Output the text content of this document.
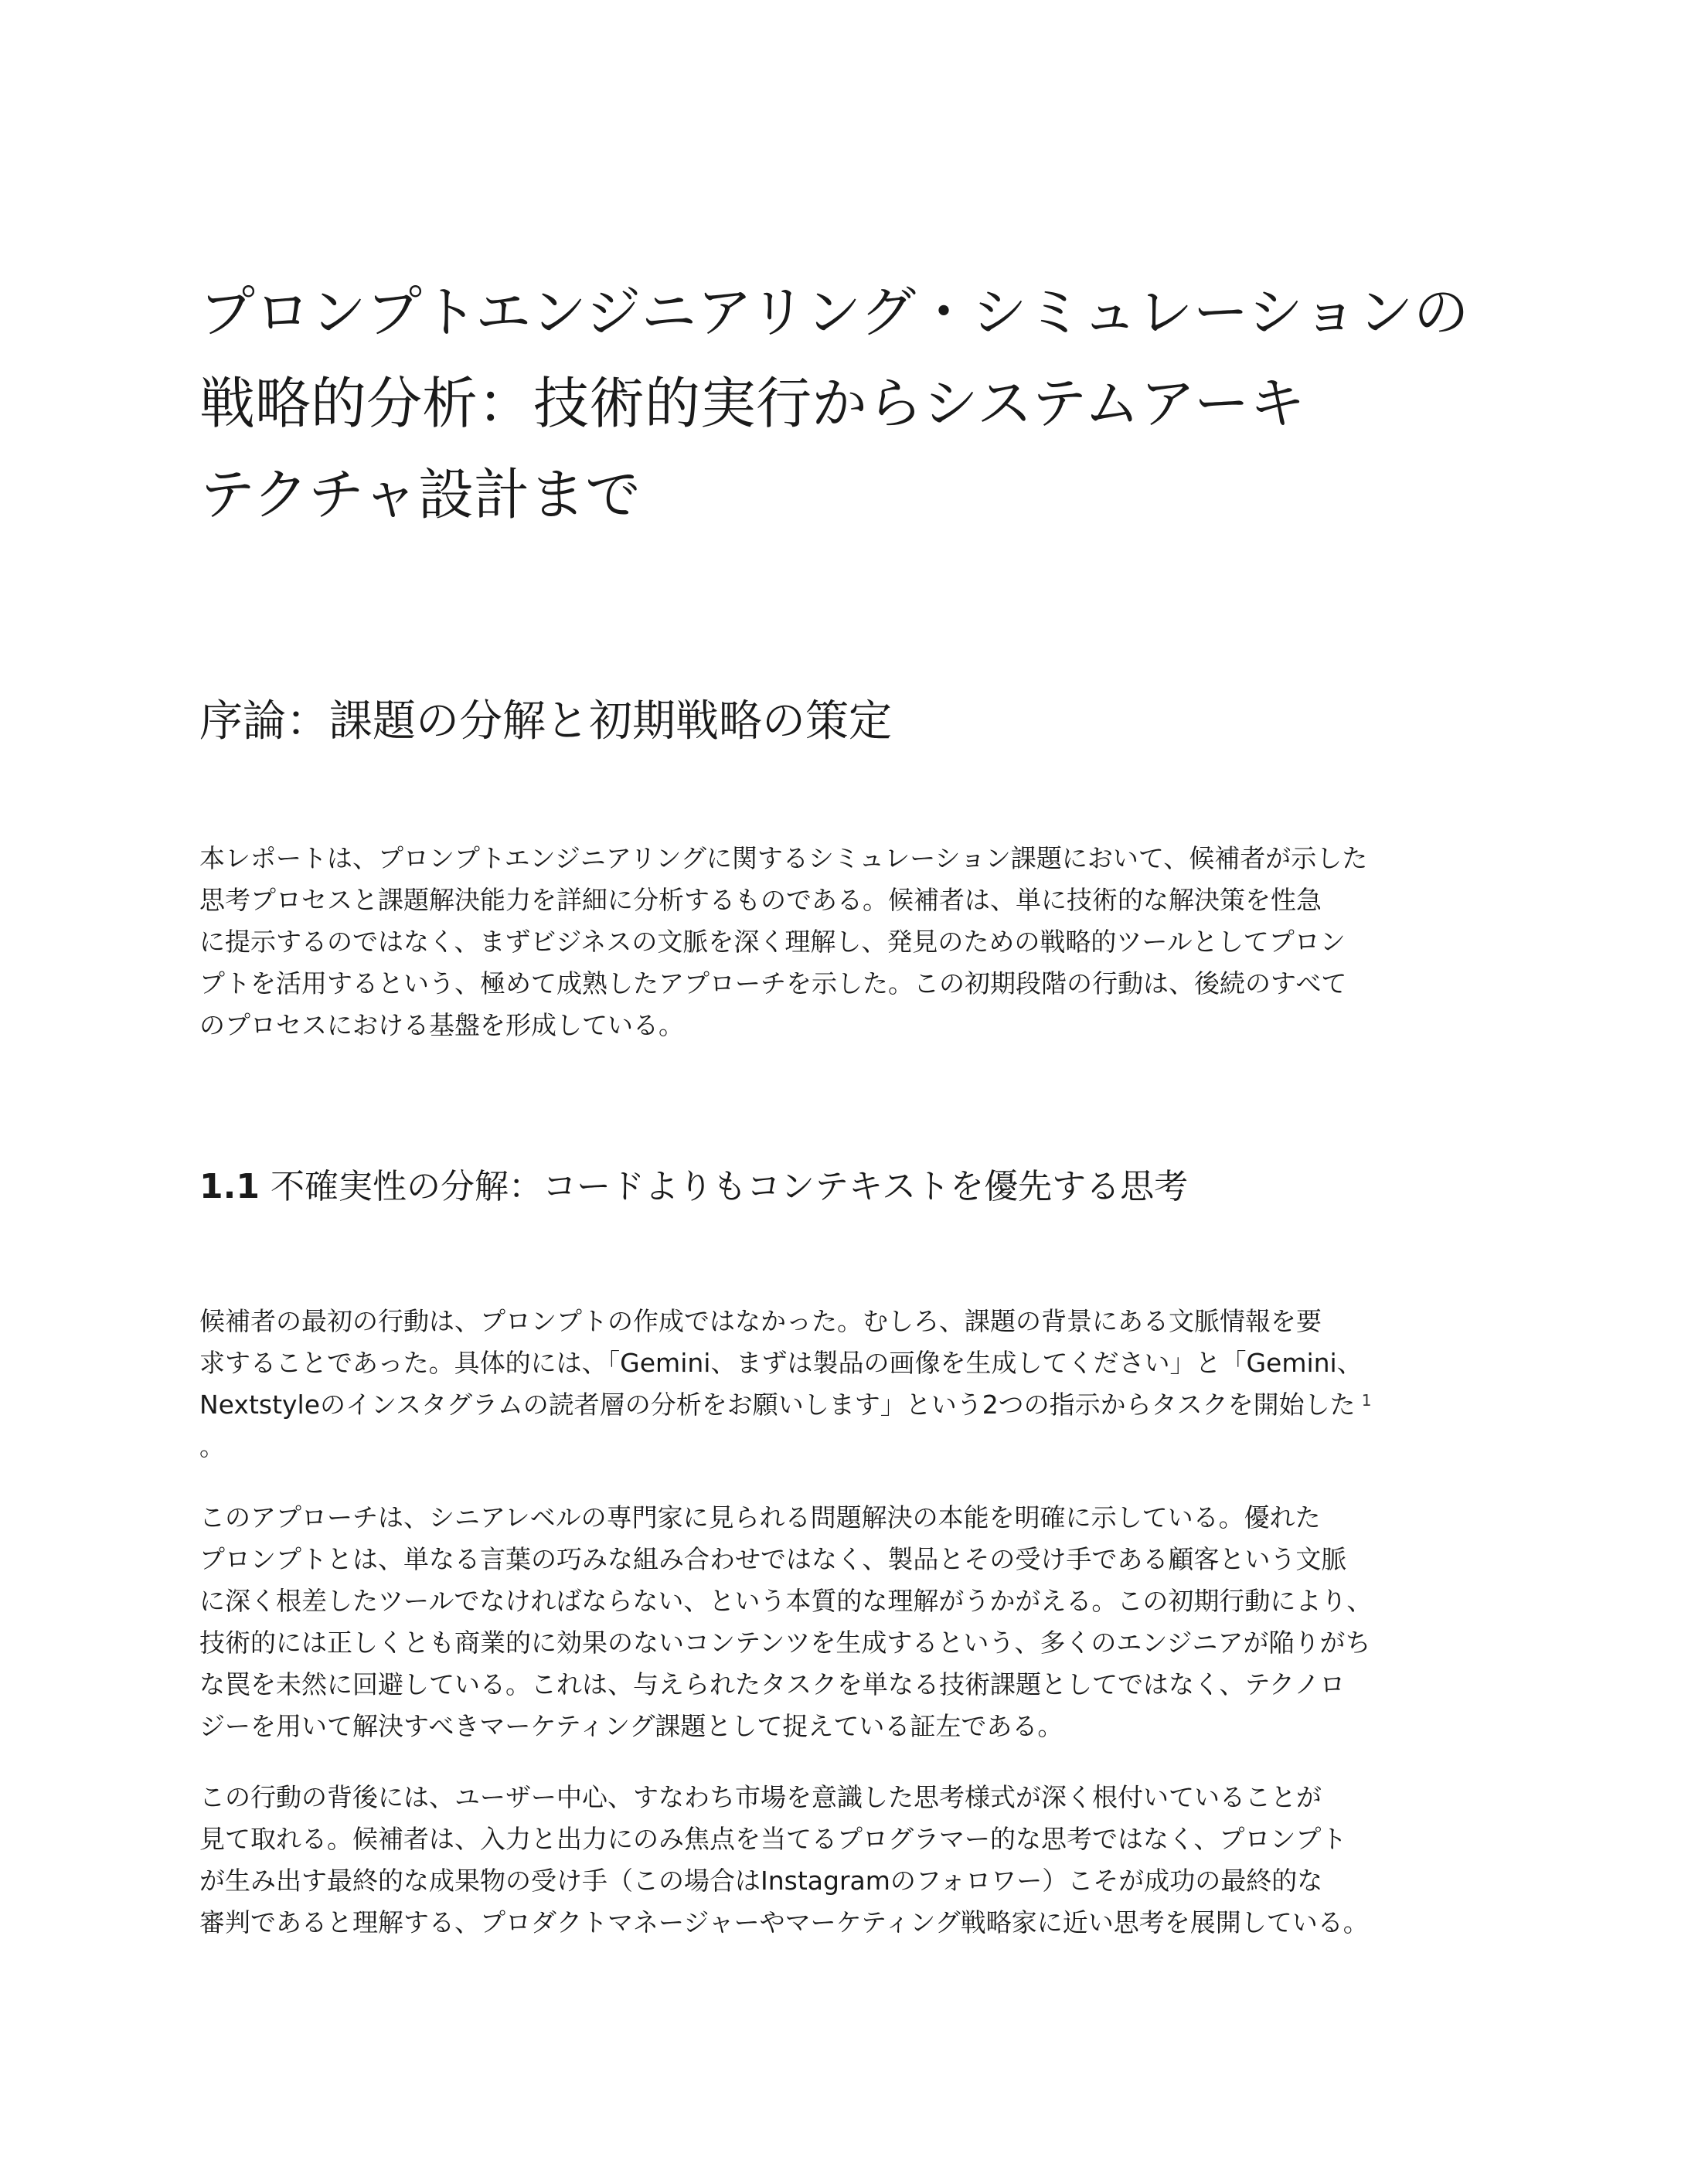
プロンプトエンジニアリング・シミュレーションの
戦略的分析：技術的実行からシステムアーキ
テクチャ設計まで
序論：課題の分解と初期戦略の策定

本レポートは、プロンプトエンジニアリングに関するシミュレーション課題において、候補者が示した
思考プロセスと課題解決能力を詳細に分析するものである。候補者は、単に技術的な解決策を性急
に提示するのではなく、まずビジネスの文脈を深く理解し、発見のための戦略的ツールとしてプロン
プトを活用するという、極めて成熟したアプローチを示した。この初期段階の行動は、後続のすべて
のプロセスにおける基盤を形成している。

1.1 不確実性の分解：コードよりもコンテキストを優先する思考

候補者の最初の行動は、プロンプトの作成ではなかった。むしろ、課題の背景にある文脈情報を要
求することであった。具体的には、「Gemini、まずは製品の画像を生成してください」と「Gemini、
Nextstyleのインスタグラムの読者層の分析をお願いします」という2つの指示からタスクを開始した $^1$
。

このアプローチは、シニアレベルの専門家に見られる問題解決の本能を明確に示している。優れた
プロンプトとは、単なる言葉の巧みな組み合わせではなく、製品とその受け手である顧客という文脈
に深く根差したツールでなければならない、という本質的な理解がうかがえる。この初期行動により、
技術的には正しくとも商業的に効果のないコンテンツを生成するという、多くのエンジニアが陥りがち
な罠を未然に回避している。これは、与えられたタスクを単なる技術課題としてではなく、テクノロ
ジーを用いて解決すべきマーケティング課題として捉えている証左である。

この行動の背後には、ユーザー中心、すなわち市場を意識した思考様式が深く根付いていることが
見て取れる。候補者は、入力と出力にのみ焦点を当てるプログラマー的な思考ではなく、プロンプト
が生み出す最終的な成果物の受け手（この場合はInstagramのフォロワー）こそが成功の最終的な
審判であると理解する、プロダクトマネージャーやマーケティング戦略家に近い思考を展開している。
